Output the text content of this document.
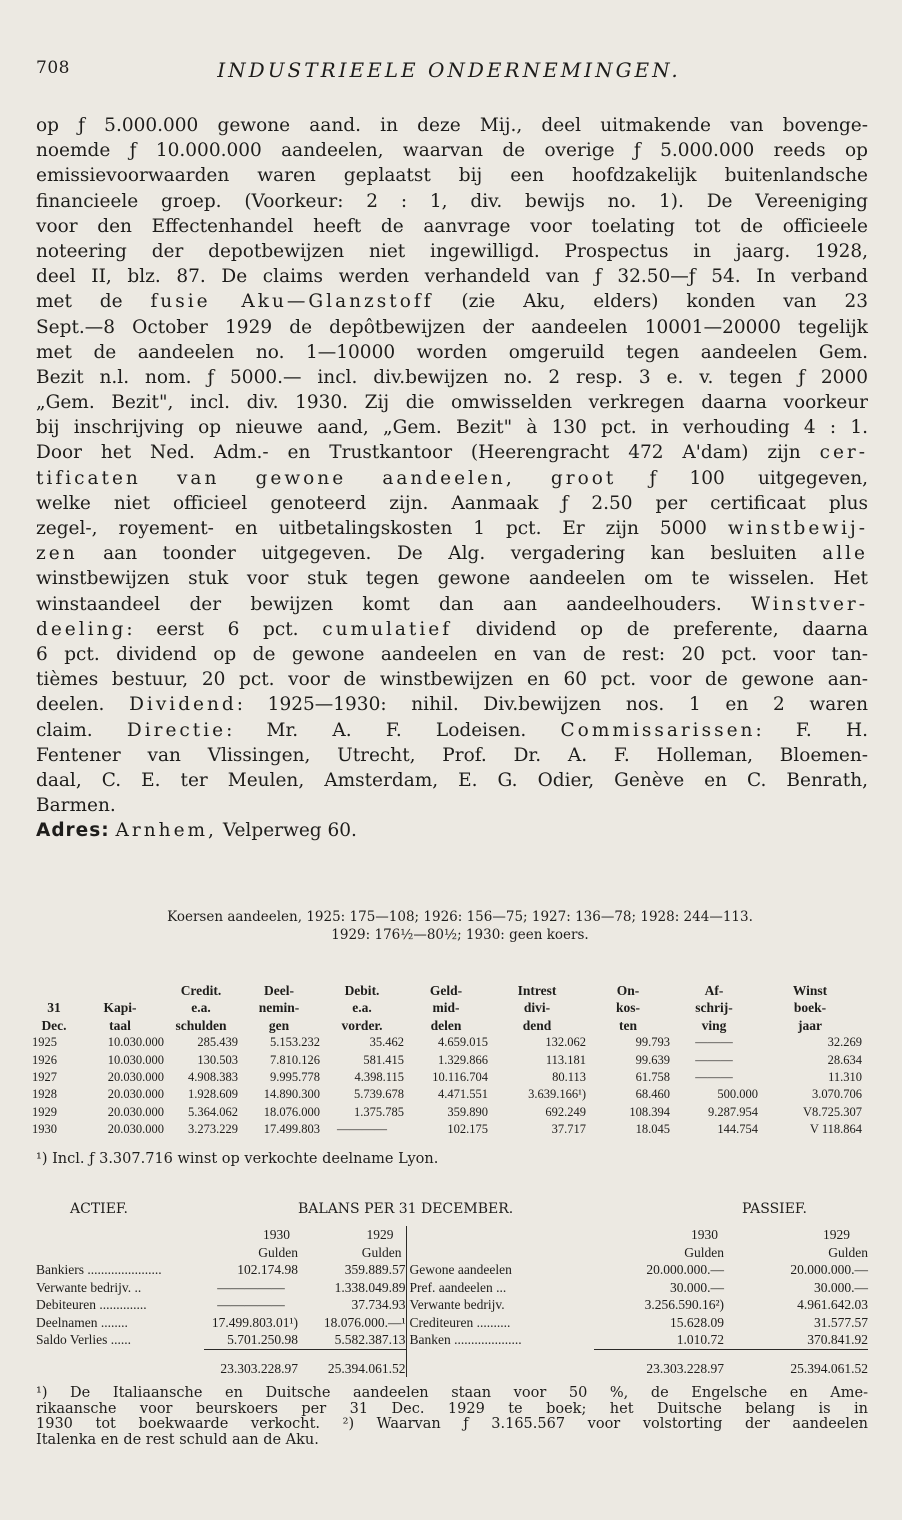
708	INDUSTRIEELE ONDERNEMINGEN.
op ƒ 5.000.000 gewone aand. in deze Mij., deel uitmakende van bovenge-
noemde ƒ 10.000.000 aandeelen, waarvan de overige ƒ 5.000.000 reeds op
emissievoorwaarden waren geplaatst bij een hoofdzakelijk buitenlandsche
financieele groep. (Voorkeur: 2 : 1, div. bewijs no. 1). De Vereeniging
voor den Effectenhandel heeft de aanvrage voor toelating tot de officieele
noteering der depotbewijzen niet ingewilligd. Prospectus in jaarg. 1928,
deel II, blz. 87. De claims werden verhandeld van ƒ 32.50—ƒ 54. In verband
met de fusie Aku—Glanzstoff (zie Aku, elders) konden van 23
Sept.—8 October 1929 de depôtbewijzen der aandeelen 10001—20000 tegelijk
met de aandeelen no. 1—10000 worden omgeruild tegen aandeelen Gem.
Bezit n.l. nom. ƒ 5000.— incl. div.bewijzen no. 2 resp. 3 e. v. tegen ƒ 2000
„Gem. Bezit", incl. div. 1930. Zij die omwisselden verkregen daarna voorkeur
bij inschrijving op nieuwe aand, „Gem. Bezit" à 130 pct. in verhouding 4 : 1.
Door het Ned. Adm.- en Trustkantoor (Heerengracht 472 A'dam) zijn cer-
tificaten van gewone aandeelen, groot ƒ 100 uitgegeven,
welke niet officieel genoteerd zijn. Aanmaak ƒ 2.50 per certificaat plus
zegel-, royement- en uitbetalingskosten 1 pct. Er zijn 5000 winstbewij-
zen aan toonder uitgegeven. De Alg. vergadering kan besluiten alle
winstbewijzen stuk voor stuk tegen gewone aandeelen om te wisselen. Het
winstaandeel der bewijzen komt dan aan aandeelhouders. Winstver-
deeling: eerst 6 pct. cumulatief dividend op de preferente, daarna
6 pct. dividend op de gewone aandeelen en van de rest: 20 pct. voor tan-
tièmes bestuur, 20 pct. voor de winstbewijzen en 60 pct. voor de gewone aan-
deelen. Dividend: 1925—1930: nihil. Div.bewijzen nos. 1 en 2 waren
claim. Directie: Mr. A. F. Lodeisen. Commissarissen: F. H.
Fentener van Vlissingen, Utrecht, Prof. Dr. A. F. Holleman, Bloemen-
daal, C. E. ter Meulen, Amsterdam, E. G. Odier, Genève en C. Benrath,
Barmen.
Adres: Arnhem, Velperweg 60.
Koersen aandeelen, 1925: 175—108; 1926: 156—75; 1927: 136—78; 1928: 244—113.
1929: 176½—80½; 1930: geen koers.
		Credit.	Deel-	Debit.	Geld-	Intrest	On-	Af-	Winst
31	Kapi-	e.a.	nemin-	e.a.	mid-	divi-	kos-	schrij-	boek-
Dec.	taal	schulden	gen	vorder.	delen	dend	ten	ving	jaar
1925	10.030.000	285.439	5.153.232	35.462	4.659.015	132.062	99.793	———	32.269
1926	10.030.000	130.503	7.810.126	581.415	1.329.866	113.181	99.639	———	28.634
1927	20.030.000	4.908.383	9.995.778	4.398.115	10.116.704	80.113	61.758	———	11.310
1928	20.030.000	1.928.609	14.890.300	5.739.678	4.471.551	3.639.166¹)	68.460	500.000	3.070.706
1929	20.030.000	5.364.062	18.076.000	1.375.785	359.890	692.249	108.394	9.287.954	V8.725.307
1930	20.030.000	3.273.229	17.499.803	————	102.175	37.717	18.045	144.754	V 118.864
¹) Incl. ƒ 3.307.716 winst op verkochte deelname Lyon.
ACTIEF.	BALANS PER 31 DECEMBER.	PASSIEF.
	1930	1929		1930	1929
	Gulden	Gulden		Gulden	Gulden
Bankiers ......................	102.174.98	359.889.57	Gewone aandeelen	20.000.000.—	20.000.000.—
Verwante bedrijv. ..	—————	1.338.049.89	Pref. aandeelen ...	30.000.—	30.000.—
Debiteuren ..............	—————	37.734.93	Verwante bedrijv.	3.256.590.16²)	4.961.642.03
Deelnamen ........	17.499.803.01¹)	18.076.000.—¹	Crediteuren ..........	15.628.09	31.577.57
Saldo Verlies ......	5.701.250.98	5.582.387.13	Banken ....................	1.010.72	370.841.92
	23.303.228.97	25.394.061.52		23.303.228.97	25.394.061.52
¹) De Italiaansche en Duitsche aandeelen staan voor 50 %, de Engelsche en Ame-
rikaansche voor beurskoers per 31 Dec. 1929 te boek; het Duitsche belang is in
1930 tot boekwaarde verkocht. ²) Waarvan ƒ 3.165.567 voor volstorting der aandeelen
Italenka en de rest schuld aan de Aku.
